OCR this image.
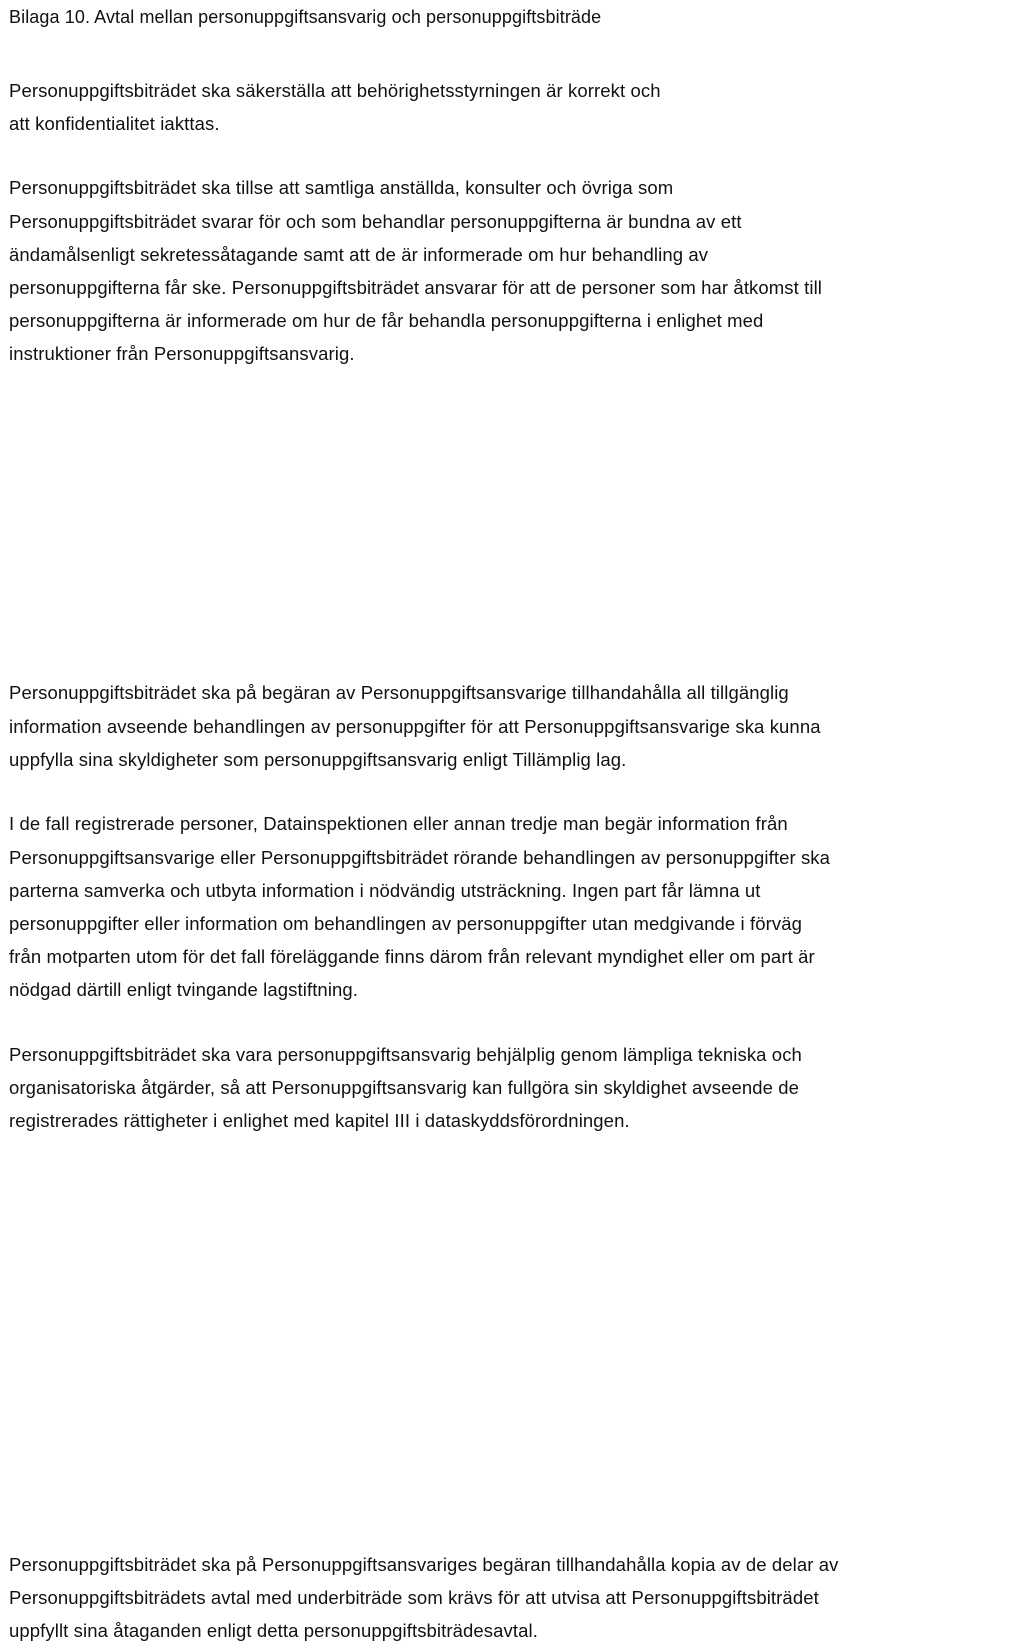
Bilaga 10. Avtal mellan personuppgiftsansvarig och personuppgiftsbiträde
Personuppgiftsbiträdet ska säkerställa att behörighetsstyrningen är korrekt och
att konfidentialitet iakttas.
Personuppgiftsbiträdet ska tillse att samtliga anställda, konsulter och övriga som
Personuppgiftsbiträdet svarar för och som behandlar personuppgifterna är bundna av ett
ändamålsenligt sekretessåtagande samt att de är informerade om hur behandling av
personuppgifterna får ske. Personuppgiftsbiträdet ansvarar för att de personer som har åtkomst till
personuppgifterna är informerade om hur de får behandla personuppgifterna i enlighet med
instruktioner från Personuppgiftsansvarig.
Personuppgiftsbiträdet ska på begäran av Personuppgiftsansvarige tillhandahålla all tillgänglig
information avseende behandlingen av personuppgifter för att Personuppgiftsansvarige ska kunna
uppfylla sina skyldigheter som personuppgiftsansvarig enligt Tillämplig lag.
I de fall registrerade personer, Datainspektionen eller annan tredje man begär information från
Personuppgiftsansvarige eller Personuppgiftsbiträdet rörande behandlingen av personuppgifter ska
parterna samverka och utbyta information i nödvändig utsträckning. Ingen part får lämna ut
personuppgifter eller information om behandlingen av personuppgifter utan medgivande i förväg
från motparten utom för det fall föreläggande finns därom från relevant myndighet eller om part är
nödgad därtill enligt tvingande lagstiftning.
Personuppgiftsbiträdet ska vara personuppgiftsansvarig behjälplig genom lämpliga tekniska och
organisatoriska åtgärder, så att Personuppgiftsansvarig kan fullgöra sin skyldighet avseende de
registrerades rättigheter i enlighet med kapitel III i dataskyddsförordningen.
Personuppgiftsbiträdet ska på Personuppgiftsansvariges begäran tillhandahålla kopia av de delar av
Personuppgiftsbiträdets avtal med underbiträde som krävs för att utvisa att Personuppgiftsbiträdet
uppfyllt sina åtaganden enligt detta personuppgiftsbiträdesavtal.
